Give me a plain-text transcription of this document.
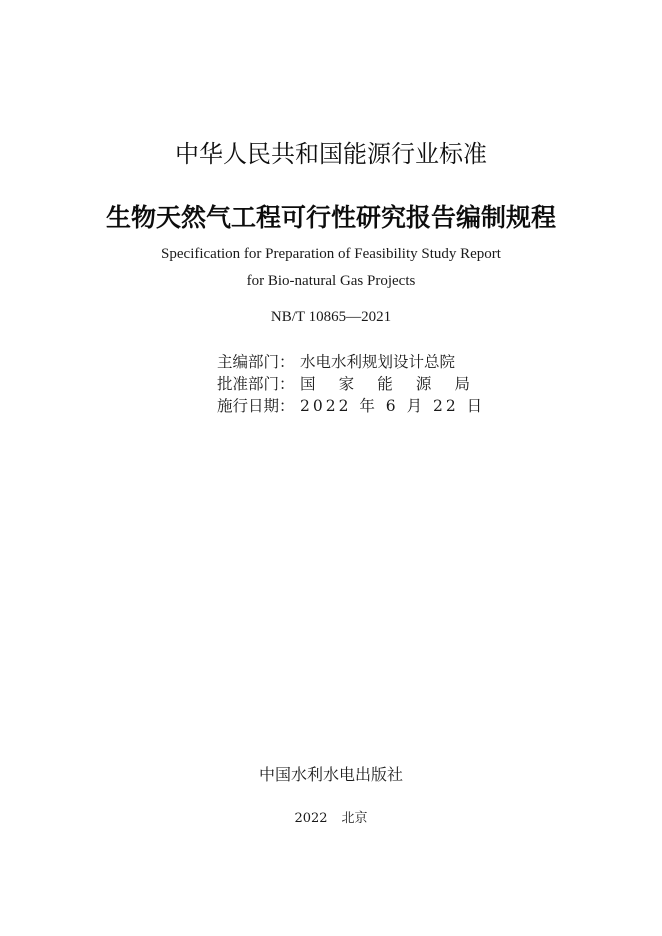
中华人民共和国能源行业标准
生物天然气工程可行性研究报告编制规程
Specification for Preparation of Feasibility Study Report
for Bio-natural Gas Projects
NB/T 10865—2021
主编部门： 水电水利规划设计总院
批准部门： 国 家 能 源 局
施行日期： 2022 年 6 月 22 日
中国水利水电出版社
2022 北京
